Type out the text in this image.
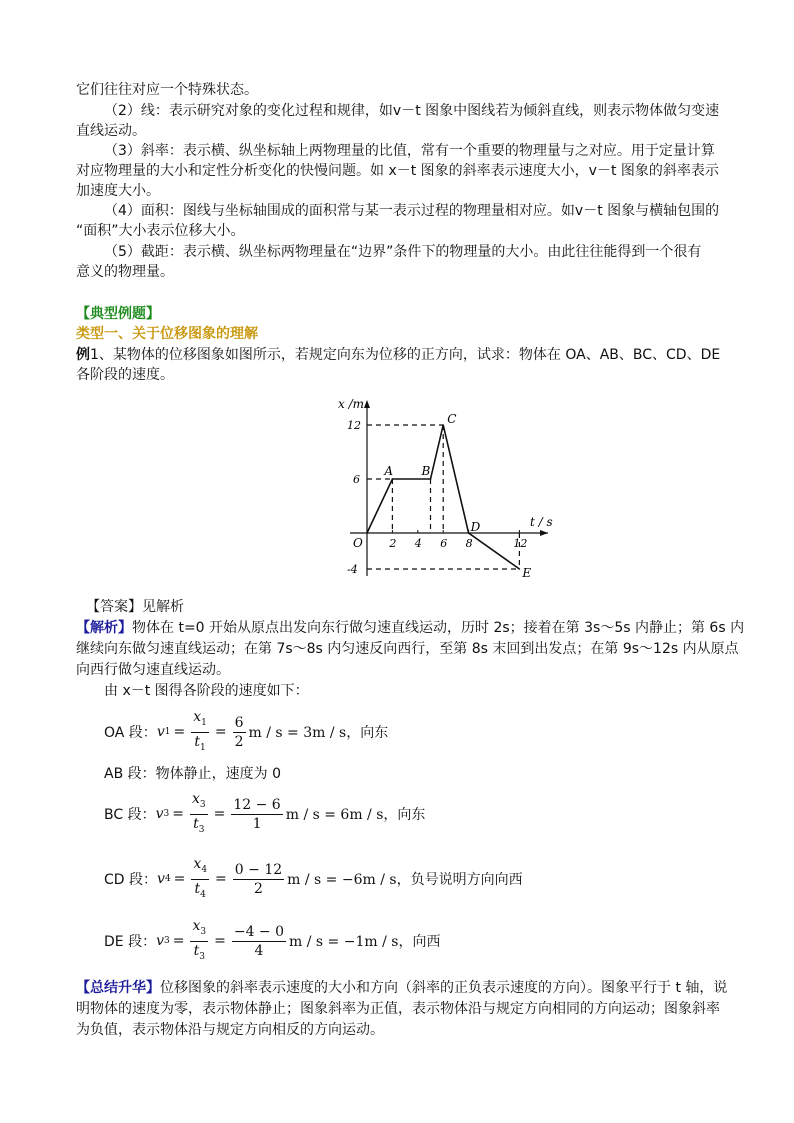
它们往往对应一个特殊状态。
（2）线：表示研究对象的变化过程和规律，如v－t 图象中图线若为倾斜直线，则表示物体做匀变速
直线运动。
（3）斜率：表示横、纵坐标轴上两物理量的比值，常有一个重要的物理量与之对应。用于定量计算
对应物理量的大小和定性分析变化的快慢问题。如 x－t 图象的斜率表示速度大小，v－t 图象的斜率表示
加速度大小。
（4）面积：图线与坐标轴围成的面积常与某一表示过程的物理量相对应。如v－t 图象与横轴包围的
“面积”大小表示位移大小。
（5）截距：表示横、纵坐标两物理量在“边界”条件下的物理量的大小。由此往往能得到一个很有
意义的物理量。
【典型例题】
类型一、关于位移图象的理解
例1、某物体的位移图象如图所示，若规定向东为位移的正方向，试求：物体在 OA、AB、BC、CD、DE
各阶段的速度。
x /m
t / s
2 4 6 8	12
12
6
-4
O
A B
C
D
E
【答案】见解析
【解析】物体在 t=0 开始从原点出发向东行做匀速直线运动，历时 2s；接着在第 3s～5s 内静止；第 6s 内
继续向东做匀速直线运动；在第 7s～8s 内匀速反向西行，至第 8s 末回到出发点；在第 9s～12s 内从原点
向西行做匀速直线运动。
由 x－t 图得各阶段的速度如下：
OA 段： v $1 = \frac{x_1}{t_1} = \frac{6}{2}$ m / s = 3m / s，向东
AB 段：物体静止，速度为 0
BC 段： v $3 = \frac{x_3}{t_3} = \frac{12 - 6}{1}$ m / s = 6m / s，向东
CD 段： v $4 = \frac{x_4}{t_4} = \frac{0 - 12}{2}$ m / s = −6m / s，负号说明方向向西
DE 段： v $3 = \frac{x_3}{t_3} = \frac{-4 - 0}{4}$ m / s = −1m / s，向西
【总结升华】位移图象的斜率表示速度的大小和方向（斜率的正负表示速度的方向）。图象平行于 t 轴，说
明物体的速度为零，表示物体静止；图象斜率为正值，表示物体沿与规定方向相同的方向运动；图象斜率
为负值，表示物体沿与规定方向相反的方向运动。
